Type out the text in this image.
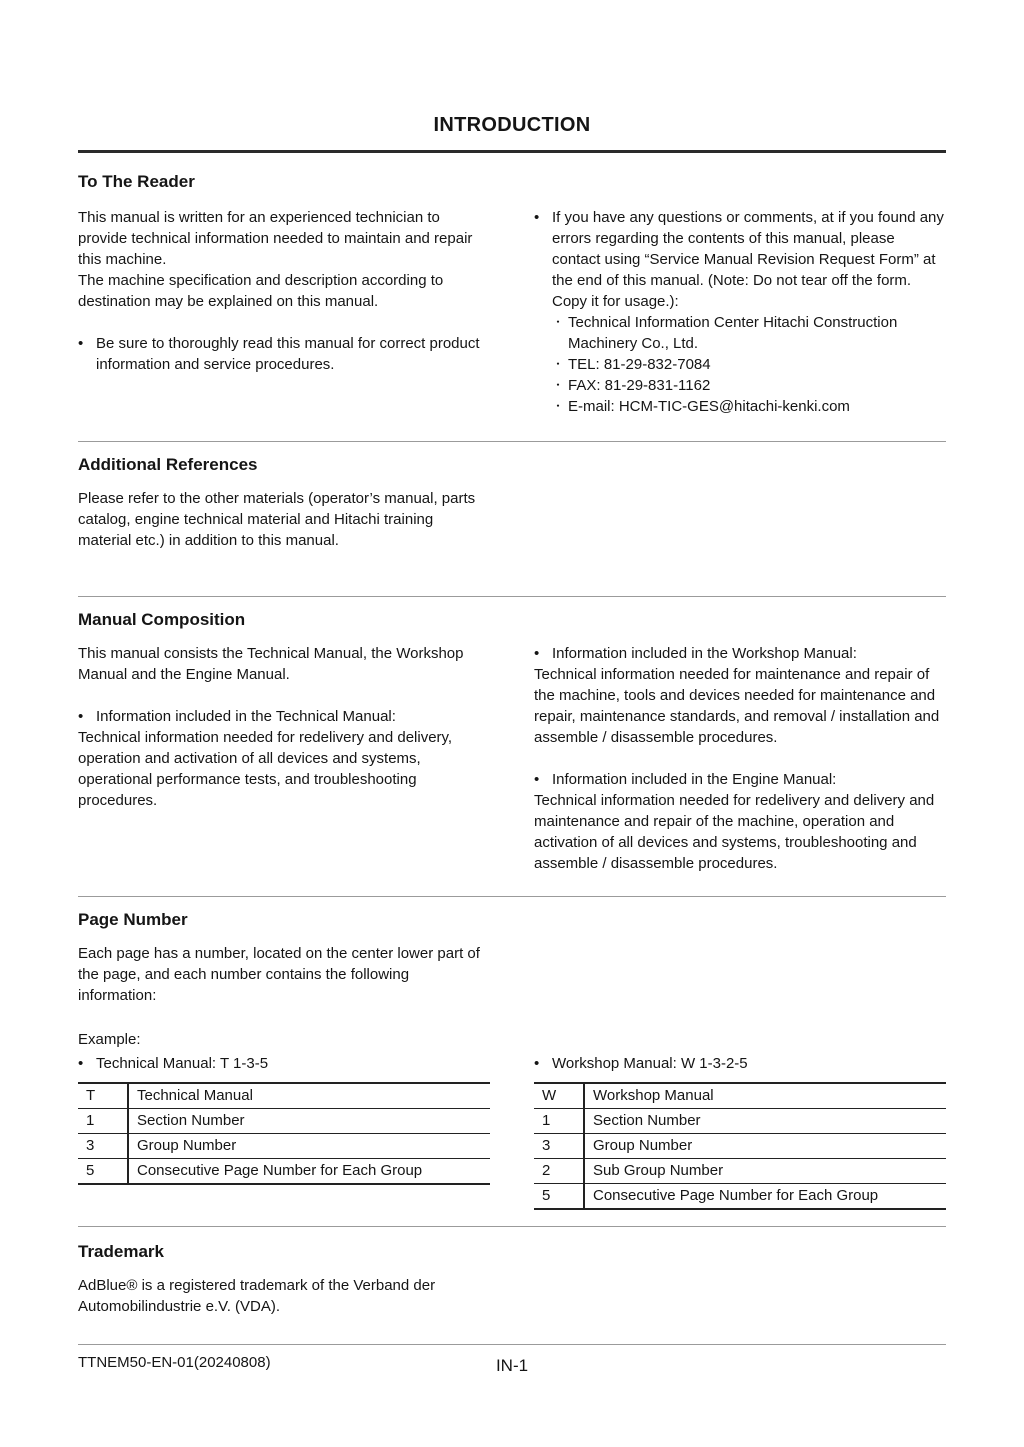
INTRODUCTION
To The Reader

This manual is written for an experienced technician to provide technical information needed to maintain and repair this machine.

The machine specification and description according to destination may be explained on this manual.

• Be sure to thoroughly read this manual for correct product information and service procedures.

• If you have any questions or comments, at if you found any errors regarding the contents of this manual, please contact using “Service Manual Revision Request Form” at the end of this manual. (Note: Do not tear off the form. Copy it for usage.):

・ Technical Information Center Hitachi Construction Machinery Co., Ltd.

・ TEL: 81-29-832-7084

・ FAX: 81-29-831-1162

・ E-mail: HCM-TIC-GES@hitachi-kenki.com

Additional References

Please refer to the other materials (operator’s manual, parts catalog, engine technical material and Hitachi training material etc.) in addition to this manual.

Manual Composition

This manual consists the Technical Manual, the Workshop Manual and the Engine Manual.

• Information included in the Technical Manual:

Technical information needed for redelivery and delivery, operation and activation of all devices and systems, operational performance tests, and troubleshooting procedures.

• Information included in the Workshop Manual:

Technical information needed for maintenance and repair of the machine, tools and devices needed for maintenance and repair, maintenance standards, and removal / installation and assemble / disassemble procedures.

• Information included in the Engine Manual:

Technical information needed for redelivery and delivery and maintenance and repair of the machine, operation and activation of all devices and systems, troubleshooting and assemble / disassemble procedures.

Page Number

Each page has a number, located on the center lower part of the page, and each number contains the following information:

Example:

• Technical Manual: T 1-3-5

T	Technical Manual
1	Section Number
3	Group Number
5	Consecutive Page Number for Each Group
• Workshop Manual: W 1-3-2-5

W	Workshop Manual
1	Section Number
3	Group Number
2	Sub Group Number
5	Consecutive Page Number for Each Group
Trademark

AdBlue® is a registered trademark of the Verband der Automobilindustrie e.V. (VDA).

TTNEM50-EN-01(20240808)	IN-1
